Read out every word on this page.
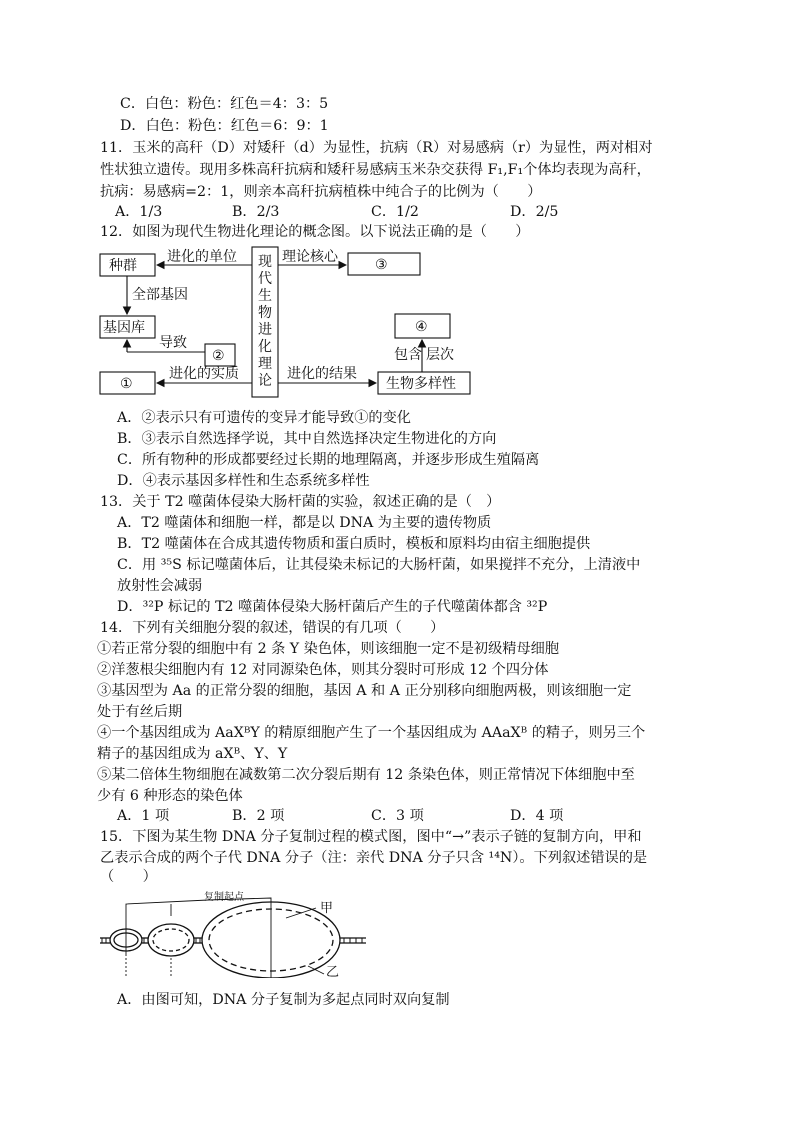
C．白色：粉色：红色＝4：3：5
D．白色：粉色：红色＝6：9：1
11．玉米的高秆（D）对矮秆（d）为显性，抗病（R）对易感病（r）为显性，两对相对
性状独立遗传。现用多株高秆抗病和矮秆易感病玉米杂交获得 F₁,F₁个体均表现为高秆，
抗病：易感病=2：1，则亲本高秆抗病植株中纯合子的比例为（　　）
A．1/3	B．2/3	C．1/2	D．2/5
12．如图为现代生物进化理论的概念图。以下说法正确的是（　　）
种群
进化的单位	理论核心	③
全部基因
基因库
导致
②
①
进化的实质	进化的结果
生物多样性
④
包含 层次
现
代
生
物
进
化
理
论
A．②表示只有可遗传的变异才能导致①的变化
B．③表示自然选择学说，其中自然选择决定生物进化的方向
C．所有物种的形成都要经过长期的地理隔离，并逐步形成生殖隔离
D．④表示基因多样性和生态系统多样性
13．关于 T2 噬菌体侵染大肠杆菌的实验，叙述正确的是（　）
A．T2 噬菌体和细胞一样，都是以 DNA 为主要的遗传物质
B．T2 噬菌体在合成其遗传物质和蛋白质时，模板和原料均由宿主细胞提供
C．用 ³⁵S 标记噬菌体后，让其侵染未标记的大肠杆菌，如果搅拌不充分，上清液中
放射性会减弱
D．³²P 标记的 T2 噬菌体侵染大肠杆菌后产生的子代噬菌体都含 ³²P
14．下列有关细胞分裂的叙述，错误的有几项（　　）
①若正常分裂的细胞中有 2 条 Y 染色体，则该细胞一定不是初级精母细胞
②洋葱根尖细胞内有 12 对同源染色体，则其分裂时可形成 12 个四分体
③基因型为 Aa 的正常分裂的细胞，基因 A 和 A 正分别移向细胞两极，则该细胞一定
处于有丝后期
④一个基因组成为 AaXᴮY 的精原细胞产生了一个基因组成为 AAaXᴮ 的精子，则另三个
精子的基因组成为 aXᴮ、Y、Y
⑤某二倍体生物细胞在减数第二次分裂后期有 12 条染色体，则正常情况下体细胞中至
少有 6 种形态的染色体
A．1 项	B．2 项	C．3 项	D．4 项
15．下图为某生物 DNA 分子复制过程的模式图，图中“→”表示子链的复制方向，甲和
乙表示合成的两个子代 DNA 分子（注：亲代 DNA 分子只含 ¹⁴N）。下列叙述错误的是
（　　）
复制起点
甲
乙
A．由图可知，DNA 分子复制为多起点同时双向复制
